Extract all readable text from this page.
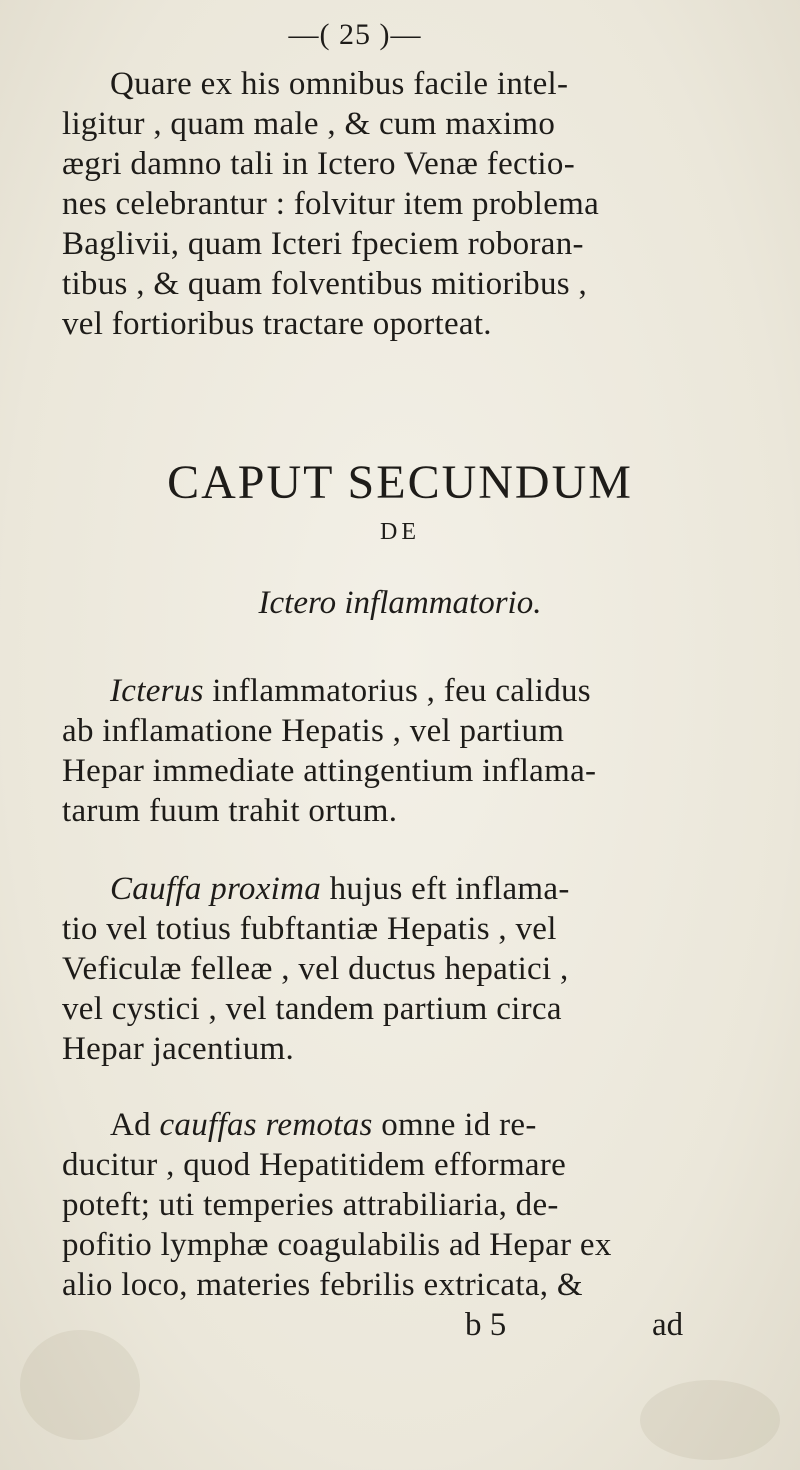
—( 25 )—
Quare ex his omnibus facile intel-
ligitur , quam male , & cum maximo
ægri damno tali in Ictero Venæ fectio-
nes celebrantur : folvitur item problema
Baglivii, quam Icteri fpeciem roboran-
tibus , & quam folventibus mitioribus ,
vel fortioribus tractare oporteat.
CAPUT SECUNDUM
DE
Ictero inflammatorio.
Icterus inflammatorius , feu calidus
ab inflamatione Hepatis , vel partium
Hepar immediate attingentium inflama-
tarum fuum trahit ortum.
Cauffa proxima hujus eft inflama-
tio vel totius fubftantiæ Hepatis , vel
Veficulæ felleæ , vel ductus hepatici ,
vel cystici , vel tandem partium circa
Hepar jacentium.
Ad cauffas remotas omne id re-
ducitur , quod Hepatitidem efformare
poteft; uti temperies attrabiliaria, de-
pofitio lymphæ coagulabilis ad Hepar ex
alio loco, materies febrilis extricata, &
b 5	ad
